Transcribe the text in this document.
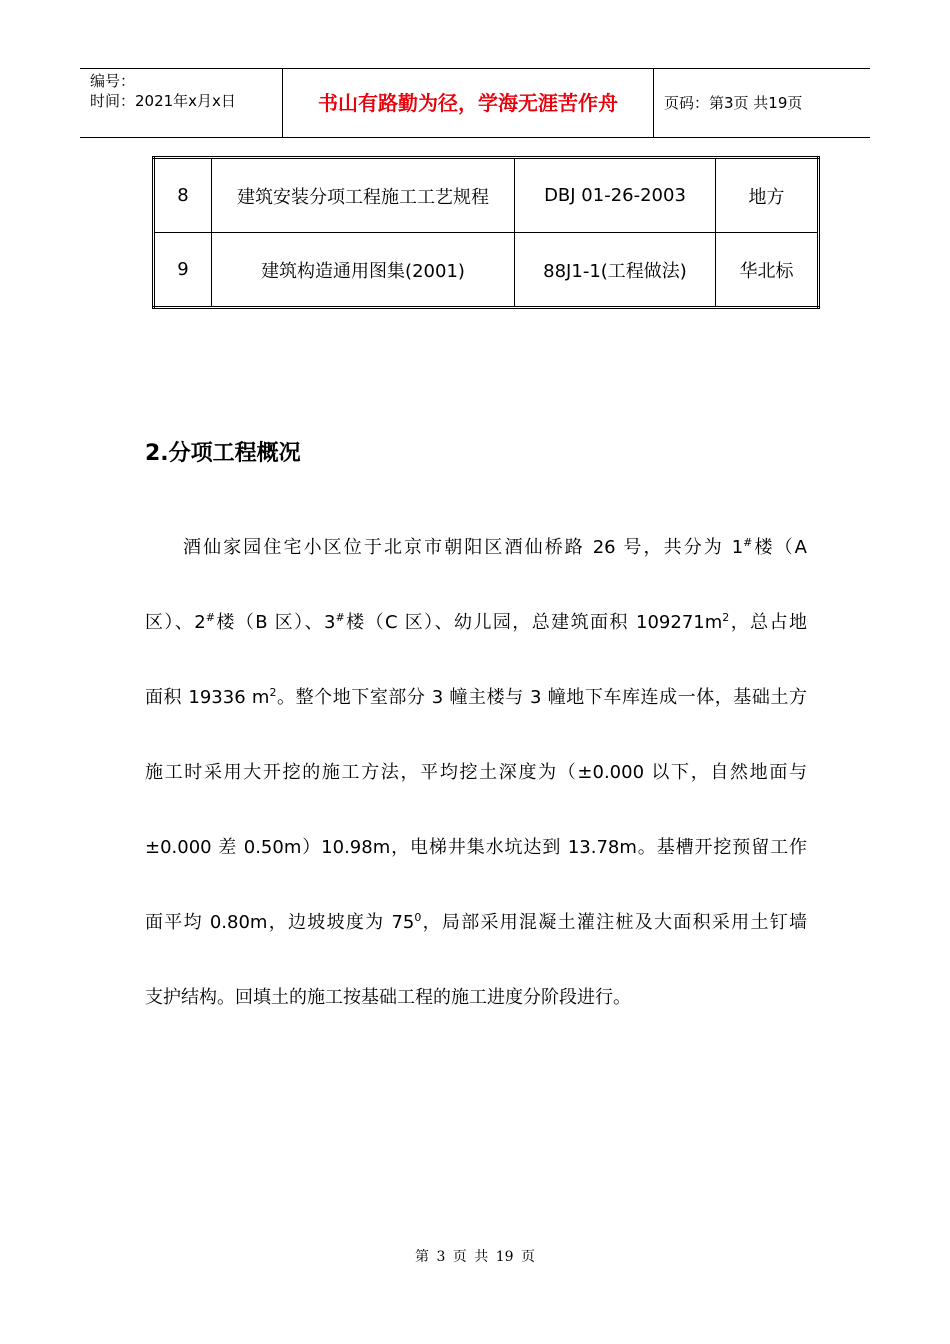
编号：
时间：2021年x月x日	书山有路勤为径，学海无涯苦作舟	页码：第3页 共19页
8	建筑安装分项工程施工工艺规程	DBJ 01-26-2003	地方
9	建筑构造通用图集(2001)	88J1-1(工程做法)	华北标
2.分项工程概况
酒仙家园住宅小区位于北京市朝阳区酒仙桥路 26 号，共分为 1#楼（A
区）、2#楼（B 区）、3#楼（C 区）、幼儿园，总建筑面积 $109271m^2$，总占地
面积 19336 $m^2$。整个地下室部分 3 幢主楼与 3 幢地下车库连成一体，基础土方
施工时采用大开挖的施工方法，平均挖土深度为（±0.000 以下，自然地面与
±0.000 差 0.50m）10.98m，电梯井集水坑达到 13.78m。基槽开挖预留工作
面平均 0.80m，边坡坡度为 $75^0$，局部采用混凝土灌注桩及大面积采用土钉墙
支护结构。回填土的施工按基础工程的施工进度分阶段进行。
第 3 页 共 19 页
